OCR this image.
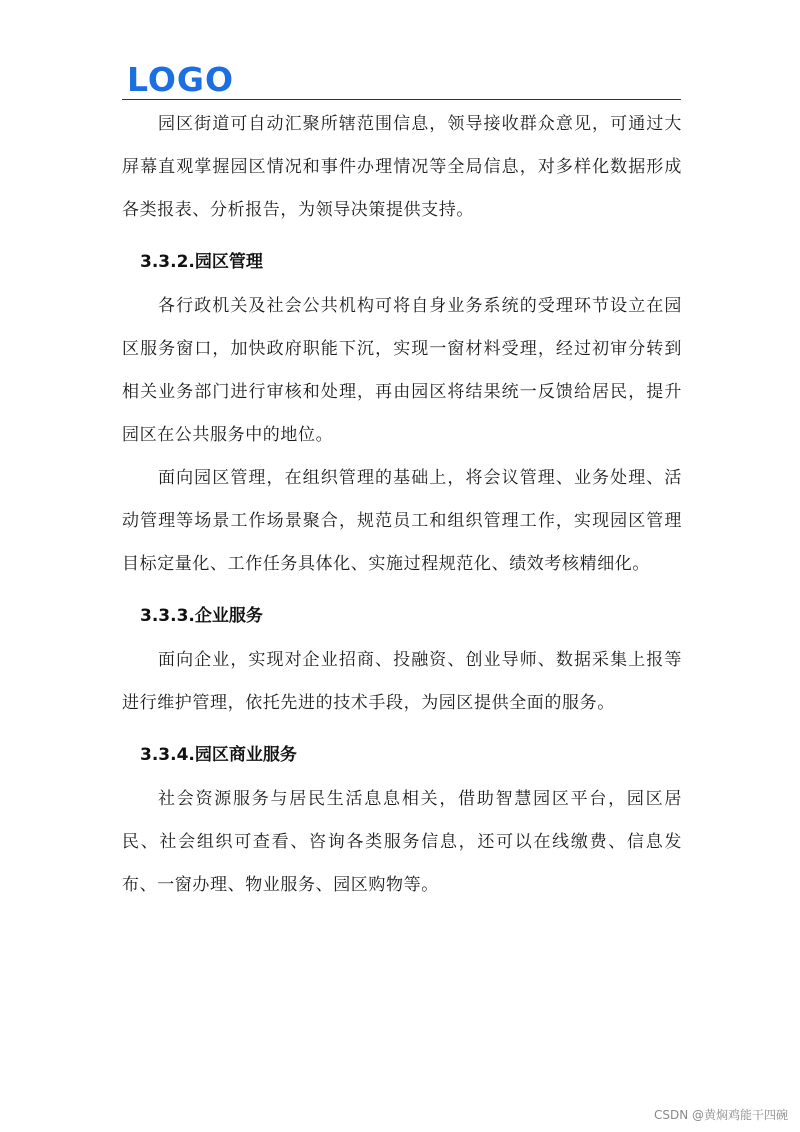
LOGO

园区街道可自动汇聚所辖范围信息，领导接收群众意见，可通过大屏幕直观掌握园区情况和事件办理情况等全局信息，对多样化数据形成各类报表、分析报告，为领导决策提供支持。

3.3.2.园区管理

各行政机关及社会公共机构可将自身业务系统的受理环节设立在园区服务窗口，加快政府职能下沉，实现一窗材料受理，经过初审分转到相关业务部门进行审核和处理，再由园区将结果统一反馈给居民，提升园区在公共服务中的地位。

面向园区管理，在组织管理的基础上，将会议管理、业务处理、活动管理等场景工作场景聚合，规范员工和组织管理工作，实现园区管理目标定量化、工作任务具体化、实施过程规范化、绩效考核精细化。

3.3.3.企业服务

面向企业，实现对企业招商、投融资、创业导师、数据采集上报等进行维护管理，依托先进的技术手段，为园区提供全面的服务。

3.3.4.园区商业服务

社会资源服务与居民生活息息相关，借助智慧园区平台，园区居民、社会组织可查看、咨询各类服务信息，还可以在线缴费、信息发布、一窗办理、物业服务、园区购物等。

CSDN @黄焖鸡能干四碗
